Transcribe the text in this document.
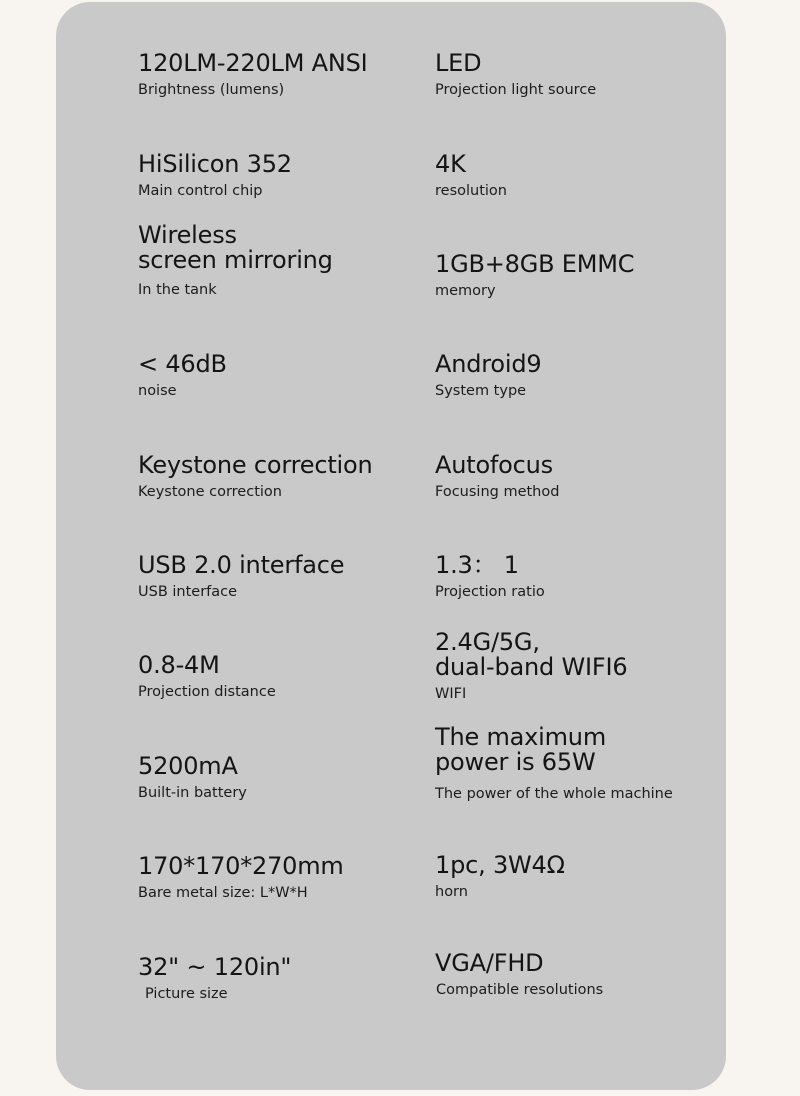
120LM-220LM ANSI
Brightness (lumens)
LED
Projection light source
HiSilicon 352
Main control chip
4K
resolution
Wireless
screen mirroring
In the tank
1GB+8GB EMMC
memory
< 46dB
noise
Android9
System type
Keystone correction
Keystone correction
Autofocus
Focusing method
USB 2.0 interface
USB interface
1.3： 1
Projection ratio
0.8-4M
Projection distance
2.4G/5G,
dual-band WIFI6
WIFI
5200mA
Built-in battery
The maximum
power is 65W
The power of the whole machine
170*170*270mm
Bare metal size: L*W*H
1pc, 3W4Ω
horn
32" ~ 120in"
Picture size
VGA/FHD
Compatible resolutions
